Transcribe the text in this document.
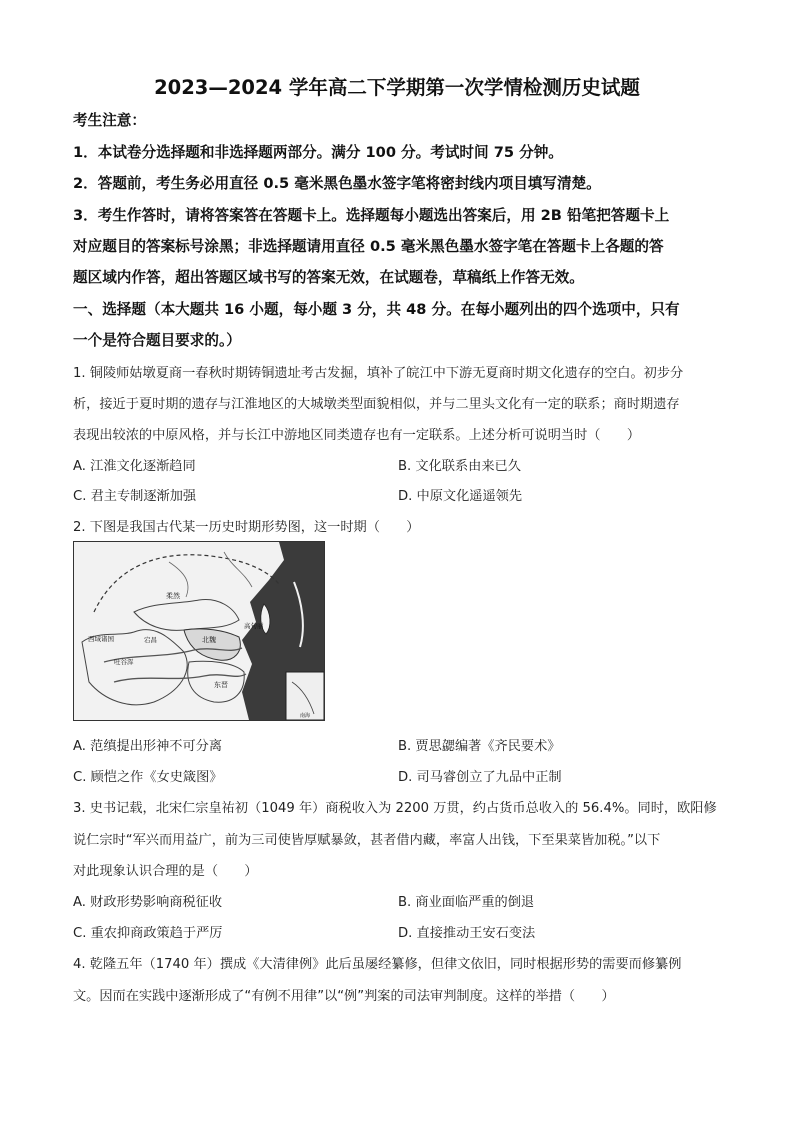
2023—2024 学年高二下学期第一次学情检测历史试题
考生注意：
1．本试卷分选择题和非选择题两部分。满分 100 分。考试时间 75 分钟。
2．答题前，考生务必用直径 0.5 毫米黑色墨水签字笔将密封线内项目填写清楚。
3．考生作答时，请将答案答在答题卡上。选择题每小题选出答案后，用 2B 铅笔把答题卡上
对应题目的答案标号涂黑；非选择题请用直径 0.5 毫米黑色墨水签字笔在答题卡上各题的答
题区域内作答，超出答题区域书写的答案无效，在试题卷，草稿纸上作答无效。
一、选择题（本大题共 16 小题，每小题 3 分，共 48 分。在每小题列出的四个选项中，只有
一个是符合题目要求的。）
1. 铜陵师姑墩夏商一春秋时期铸铜遗址考古发掘，填补了皖江中下游无夏商时期文化遗存的空白。初步分
析，接近于夏时期的遗存与江淮地区的大城墩类型面貌相似，并与二里头文化有一定的联系；商时期遗存
表现出较浓的中原风格，并与长江中游地区同类遗存也有一定联系。上述分析可说明当时（　　）
A. 江淮文化逐渐趋同	B. 文化联系由来已久
C. 君主专制逐渐加强	D. 中原文化遥遥领先
2. 下图是我国古代某一历史时期形势图，这一时期（　　）
柔然
西域诸国
吐谷浑
宕昌	北魏
高句丽
东晋
南海
A. 范缜提出形神不可分离	B. 贾思勰编著《齐民要术》
C. 顾恺之作《女史箴图》	D. 司马睿创立了九品中正制
3. 史书记载，北宋仁宗皇祐初（1049 年）商税收入为 2200 万贯，约占货币总收入的 56.4%。同时，欧阳修
说仁宗时“军兴而用益广，前为三司使皆厚赋暴敛，甚者借内藏，率富人出钱，下至果菜皆加税。”以下
对此现象认识合理的是（　　）
A. 财政形势影响商税征收	B. 商业面临严重的倒退
C. 重农抑商政策趋于严厉	D. 直接推动王安石变法
4. 乾隆五年（1740 年）撰成《大清律例》此后虽屡经纂修，但律文依旧，同时根据形势的需要而修纂例
文。因而在实践中逐渐形成了“有例不用律”以“例”判案的司法审判制度。这样的举措（　　）
